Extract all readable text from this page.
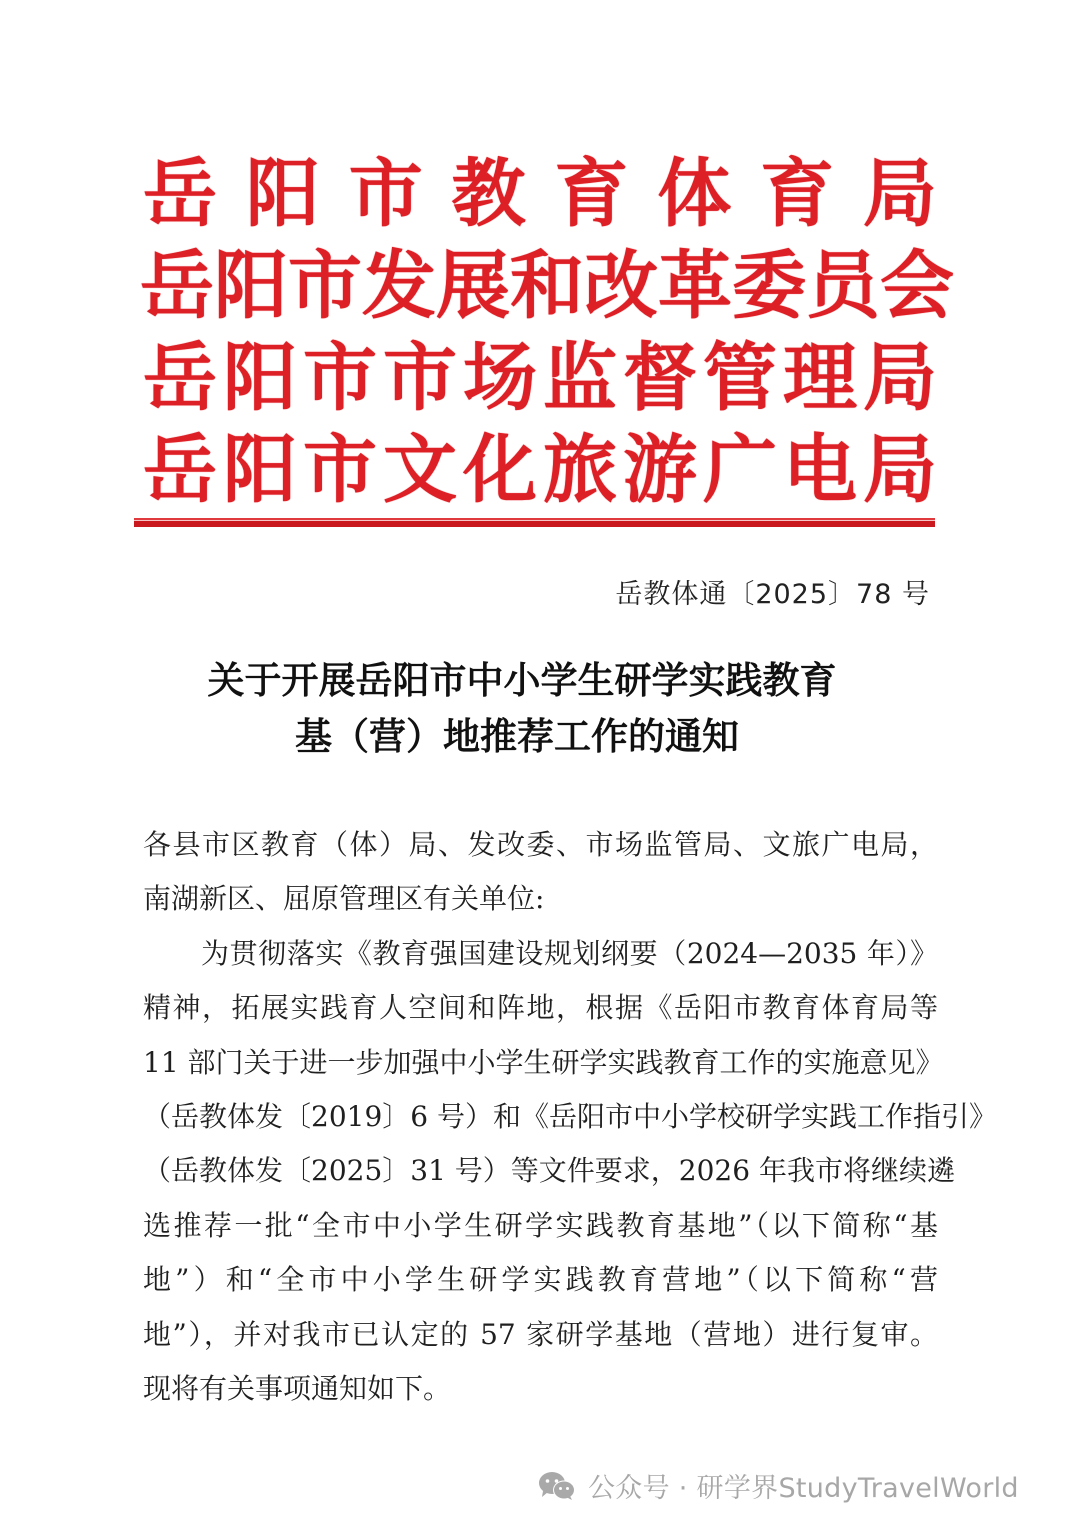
岳 阳 市 教 育 体 育 局
岳 阳 市 发 展 和 改 革 委 员 会
岳 阳 市 市 场 监 督 管 理 局
岳 阳 市 文 化 旅 游 广 电 局
岳教体通〔2025〕78 号
关于开展岳阳市中小学生研学实践教育
基（营）地推荐工作的通知
各县市区教育（体）局、发改委、市场监管局、文旅广电局，
南湖新区、屈原管理区有关单位:
为贯彻落实《教育强国建设规划纲要（2024—2035 年）》
精神，拓展实践育人空间和阵地，根据《岳阳市教育体育局等
11 部门关于进一步加强中小学生研学实践教育工作的实施意见》
（岳教体发〔2019〕6 号）和《岳阳市中小学校研学实践工作指引》
（岳教体发〔2025〕31 号）等文件要求，2026 年我市将继续遴
选推荐一批“全市中小学生研学实践教育基地”（以下简称“基
地”）和“全市中小学生研学实践教育营地”（以下简称“营
地”），并对我市已认定的 57 家研学基地（营地）进行复审。
现将有关事项通知如下。
公众号 · 研学界StudyTravelWorld
